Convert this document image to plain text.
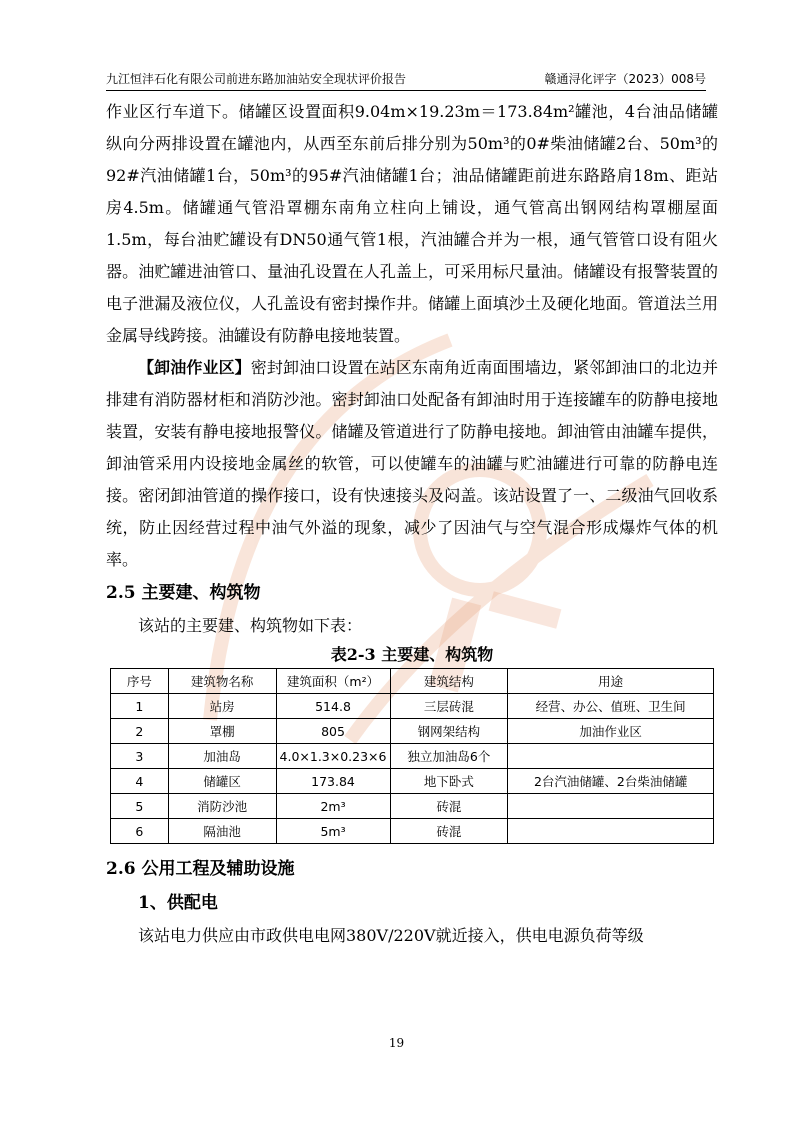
九江恒沣石化有限公司前进东路加油站安全现状评价报告	赣通浔化评字（2023）008号

作业区行车道下。储罐区设置面积9.04m×19.23m＝173.84m²罐池，4台油品储罐纵向分两排设置在罐池内，从西至东前后排分别为50m³的0#柴油储罐2台、50m³的92#汽油储罐1台，50m³的95#汽油储罐1台；油品储罐距前进东路路肩18m、距站房4.5m。储罐通气管沿罩棚东南角立柱向上铺设，通气管高出钢网结构罩棚屋面1.5m，每台油贮罐设有DN50通气管1根，汽油罐合并为一根，通气管管口设有阻火器。油贮罐进油管口、量油孔设置在人孔盖上，可采用标尺量油。储罐设有报警装置的电子泄漏及液位仪，人孔盖设有密封操作井。储罐上面填沙土及硬化地面。管道法兰用金属导线跨接。油罐设有防静电接地装置。

【卸油作业区】密封卸油口设置在站区东南角近南面围墙边，紧邻卸油口的北边并排建有消防器材柜和消防沙池。密封卸油口处配备有卸油时用于连接罐车的防静电接地装置，安装有静电接地报警仪。储罐及管道进行了防静电接地。卸油管由油罐车提供，卸油管采用内设接地金属丝的软管，可以使罐车的油罐与贮油罐进行可靠的防静电连接。密闭卸油管道的操作接口，设有快速接头及闷盖。该站设置了一、二级油气回收系统，防止因经营过程中油气外溢的现象，减少了因油气与空气混合形成爆炸气体的机率。

2.5 主要建、构筑物

该站的主要建、构筑物如下表：

表2-3 主要建、构筑物

序号	建筑物名称	建筑面积（m²）	建筑结构	用途
1	站房	514.8	三层砖混	经营、办公、值班、卫生间
2	罩棚	805	钢网架结构	加油作业区
3	加油岛	4.0×1.3×0.23×6	独立加油岛6个	
4	储罐区	173.84	地下卧式	2台汽油储罐、2台柴油储罐
5	消防沙池	2m³	砖混	
6	隔油池	5m³	砖混	
2.6 公用工程及辅助设施
1、供配电

该站电力供应由市政供电电网380V/220V就近接入，供电电源负荷等级

19
